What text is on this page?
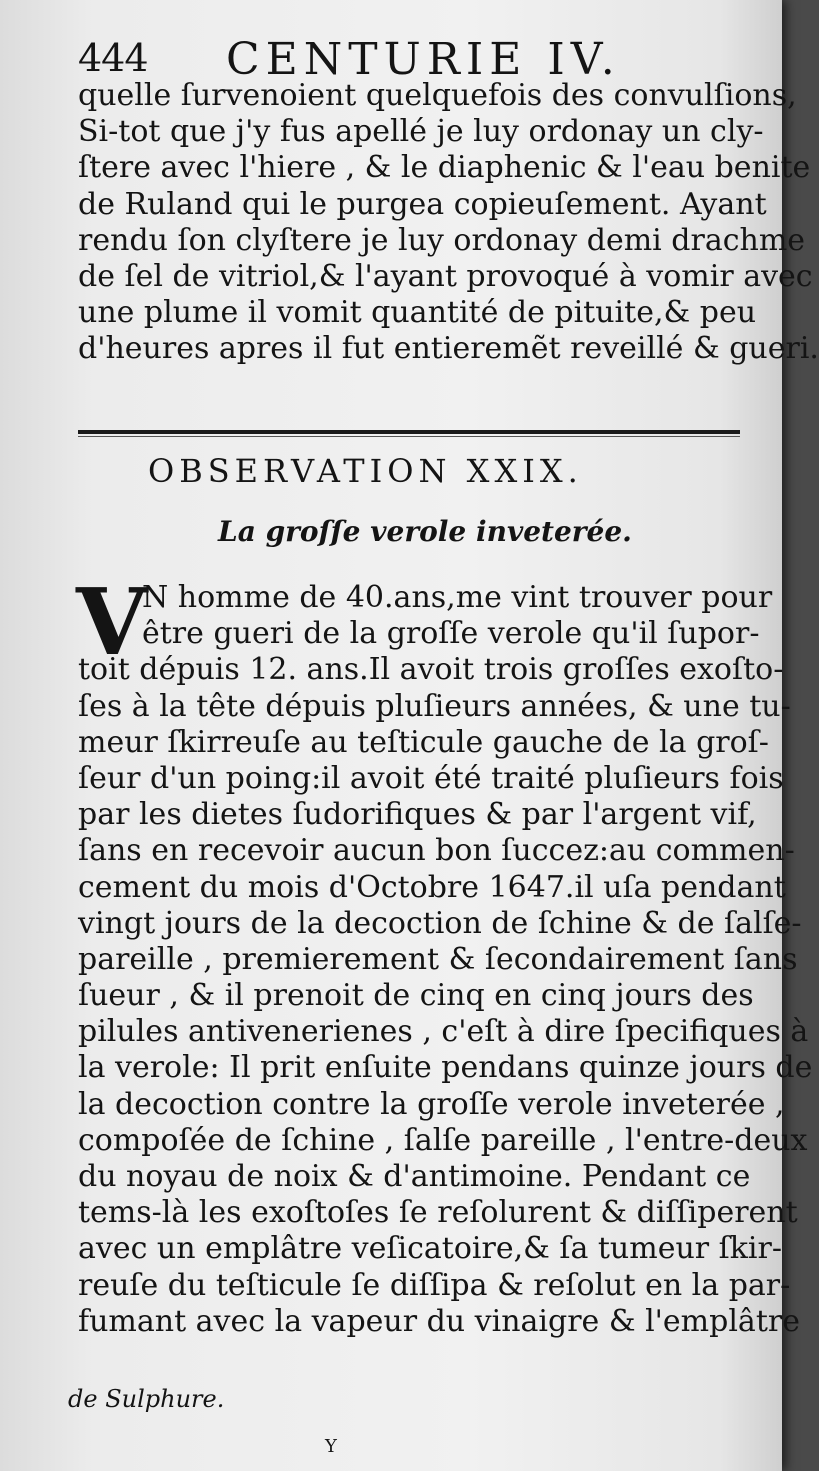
444 CENTURIE IV.
quelle ſurvenoient quelquefois des convulſions,
Si-tot que j'y fus apellé je luy ordonay un cly-
ſtere avec l'hiere , & le diaphenic & l'eau benite
de Ruland qui le purgea copieuſement. Ayant
rendu ſon clyſtere je luy ordonay demi drachme
de ſel de vitriol,& l'ayant provoqué à vomir avec
une plume il vomit quantité de pituite,& peu
d'heures apres il fut entieremẽt reveillé & gueri.
OBSERVATION XXIX.
La groſſe verole inveterée.
V
N homme de 40.ans,me vint trouver pour
être gueri de la groſſe verole qu'il ſupor-
toit dépuis 12. ans.Il avoit trois groſſes exoſto-
ſes à la tête dépuis pluſieurs années, & une tu-
meur ſkirreuſe au teſticule gauche de la groſ-
ſeur d'un poing:il avoit été traité pluſieurs fois
par les dietes ſudorifiques & par l'argent vif,
ſans en recevoir aucun bon ſuccez:au commen-
cement du mois d'Octobre 1647.il uſa pendant
vingt jours de la decoction de ſchine & de ſalſe-
pareille , premierement & ſecondairement ſans
ſueur , & il prenoit de cinq en cinq jours des
pilules antivenerienes , c'eſt à dire ſpecifiques à
la verole: Il prit enſuite pendans quinze jours de
la decoction contre la groſſe verole inveterée ,
compoſée de ſchine , ſalſe pareille , l'entre-deux
du noyau de noix & d'antimoine. Pendant ce
tems-là les exoſtoſes ſe reſolurent & diſſiperent
avec un emplâtre veſicatoire,& ſa tumeur ſkir-
reuſe du teſticule ſe diſſipa & reſolut en la par-
fumant avec la vapeur du vinaigre & l'emplâtre
de Sulphure.
Y
